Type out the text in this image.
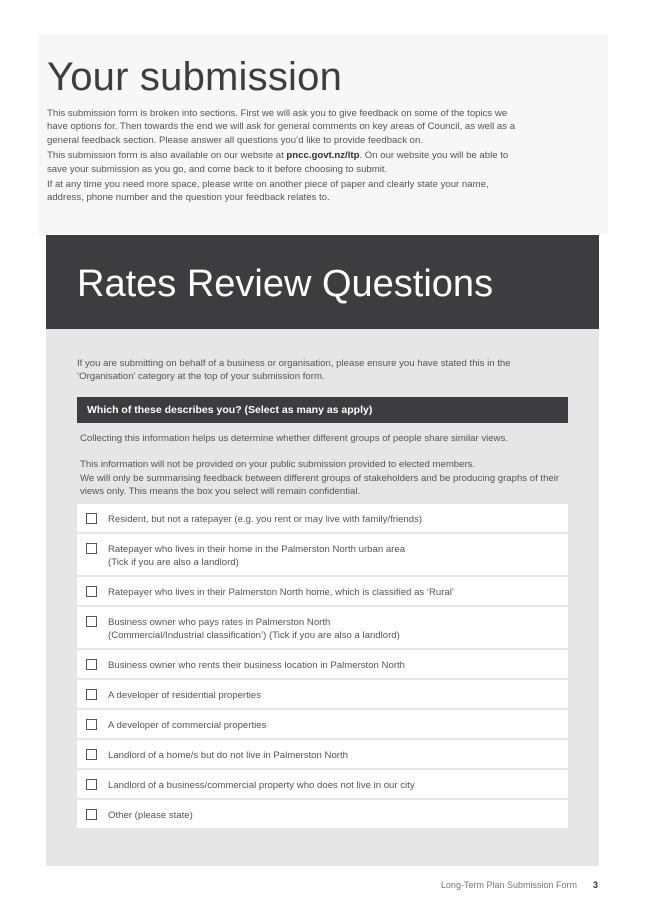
Your submission

This submission form is broken into sections. First we will ask you to give feedback on some of the topics we have options for. Then towards the end we will ask for general comments on key areas of Council, as well as a general feedback section. Please answer all questions you’d like to provide feedback on.

This submission form is also available on our website at pncc.govt.nz/ltp. On our website you will be able to save your submission as you go, and come back to it before choosing to submit.

If at any time you need more space, please write on another piece of paper and clearly state your name, address, phone number and the question your feedback relates to.

Rates Review Questions
If you are submitting on behalf of a business or organisation, please ensure you have stated this in the ‘Organisation’ category at the top of your submission form.
Which of these describes you? (Select as many as apply)

Collecting this information helps us determine whether different groups of people share similar views.

This information will not be provided on your public submission provided to elected members.

We will only be summarising feedback between different groups of stakeholders and be producing graphs of their views only. This means the box you select will remain confidential.

Resident, but not a ratepayer (e.g. you rent or may live with family/friends)
Ratepayer who lives in their home in the Palmerston North urban area
(Tick if you are also a landlord)
Ratepayer who lives in their Palmerston North home, which is classified as ‘Rural’
Business owner who pays rates in Palmerston North
(Commercial/Industrial classification’) (Tick if you are also a landlord)
Business owner who rents their business location in Palmerston North
A developer of residential properties
A developer of commercial properties
Landlord of a home/s but do not live in Palmerston North
Landlord of a business/commercial property who does not live in our city
Other (please state)
Long-Term Plan Submission Form 3
